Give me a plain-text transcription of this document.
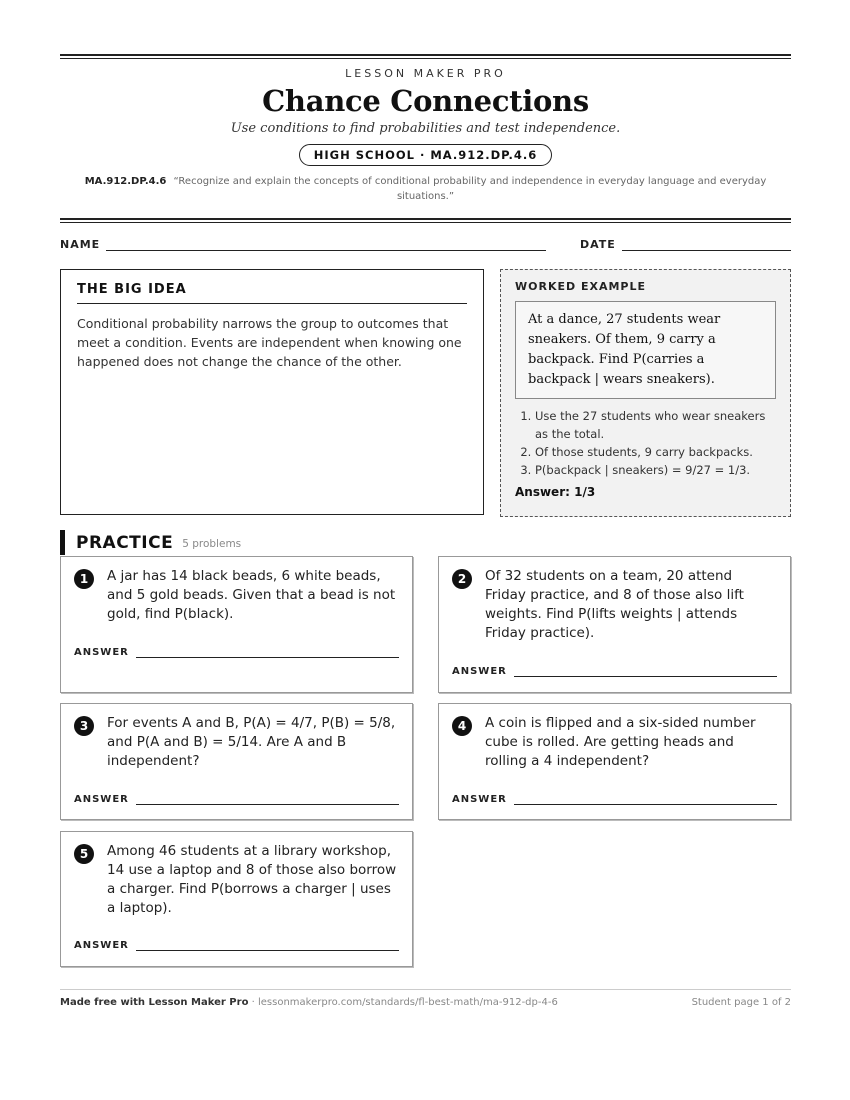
LESSON MAKER PRO
Chance Connections
Use conditions to find probabilities and test independence.
HIGH SCHOOL · MA.912.DP.4.6
MA.912.DP.4.6 “Recognize and explain the concepts of conditional probability and independence in everyday language and everyday situations.”
NAME	DATE
THE BIG IDEA

Conditional probability narrows the group to outcomes that meet a condition. Events are independent when knowing one happened does not change the chance of the other.

WORKED EXAMPLE
At a dance, 27 students wear sneakers. Of them, 9 carry a backpack. Find P(carries a backpack | wears sneakers).
1. Use the 27 students who wear sneakers as the total.
2. Of those students, 9 carry backpacks.
3. P(backpack | sneakers) = 9/27 = 1/3.
Answer: 1/3
PRACTICE 5 problems
1	A jar has 14 black beads, 6 white beads, and 5 gold beads. Given that a bead is not gold, find P(black).
ANSWER
2	Of 32 students on a team, 20 attend Friday practice, and 8 of those also lift weights. Find P(lifts weights | attends Friday practice).
ANSWER
3	For events A and B, P(A) = 4/7, P(B) = 5/8, and P(A and B) = 5/14. Are A and B independent?
ANSWER
4	A coin is flipped and a six-sided number cube is rolled. Are getting heads and rolling a 4 independent?
ANSWER
5	Among 46 students at a library workshop, 14 use a laptop and 8 of those also borrow a charger. Find P(borrows a charger | uses a laptop).
ANSWER
Made free with Lesson Maker Pro · lessonmakerpro.com/standards/fl-best-math/ma-912-dp-4-6	Student page 1 of 2
